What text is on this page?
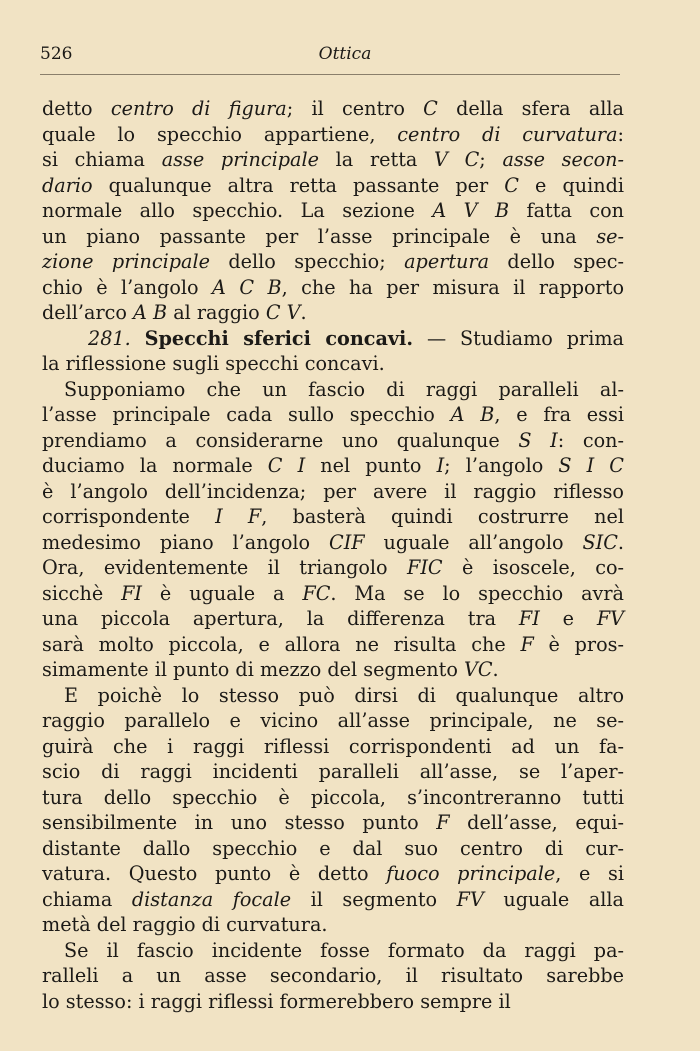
526	Ottica
detto centro di figura; il centro C della sfera alla
quale lo specchio appartiene, centro di curvatura:
si chiama asse principale la retta V C; asse secon-
dario qualunque altra retta passante per C e quindi
normale allo specchio. La sezione A V B fatta con
un piano passante per l’asse principale è una se-
zione principale dello specchio; apertura dello spec-
chio è l’angolo A C B, che ha per misura il rapporto
dell’arco A B al raggio C V.
281. Specchi sferici concavi. — Studiamo prima
la riflessione sugli specchi concavi.
Supponiamo che un fascio di raggi paralleli al-
l’asse principale cada sullo specchio A B, e fra essi
prendiamo a considerarne uno qualunque S I: con-
duciamo la normale C I nel punto I; l’angolo S I C
è l’angolo dell’incidenza; per avere il raggio riflesso
corrispondente I F, basterà quindi costrurre nel
medesimo piano l’angolo CIF uguale all’angolo SIC.
Ora, evidentemente il triangolo FIC è isoscele, co-
sicchè FI è uguale a FC. Ma se lo specchio avrà
una piccola apertura, la differenza tra FI e FV
sarà molto piccola, e allora ne risulta che F è pros-
simamente il punto di mezzo del segmento VC.
E poichè lo stesso può dirsi di qualunque altro
raggio parallelo e vicino all’asse principale, ne se-
guirà che i raggi riflessi corrispondenti ad un fa-
scio di raggi incidenti paralleli all’asse, se l’aper-
tura dello specchio è piccola, s’incontreranno tutti
sensibilmente in uno stesso punto F dell’asse, equi-
distante dallo specchio e dal suo centro di cur-
vatura. Questo punto è detto fuoco principale, e si
chiama distanza focale il segmento FV uguale alla
metà del raggio di curvatura.
Se il fascio incidente fosse formato da raggi pa-
ralleli a un asse secondario, il risultato sarebbe
lo stesso: i raggi riflessi formerebbero sempre il
